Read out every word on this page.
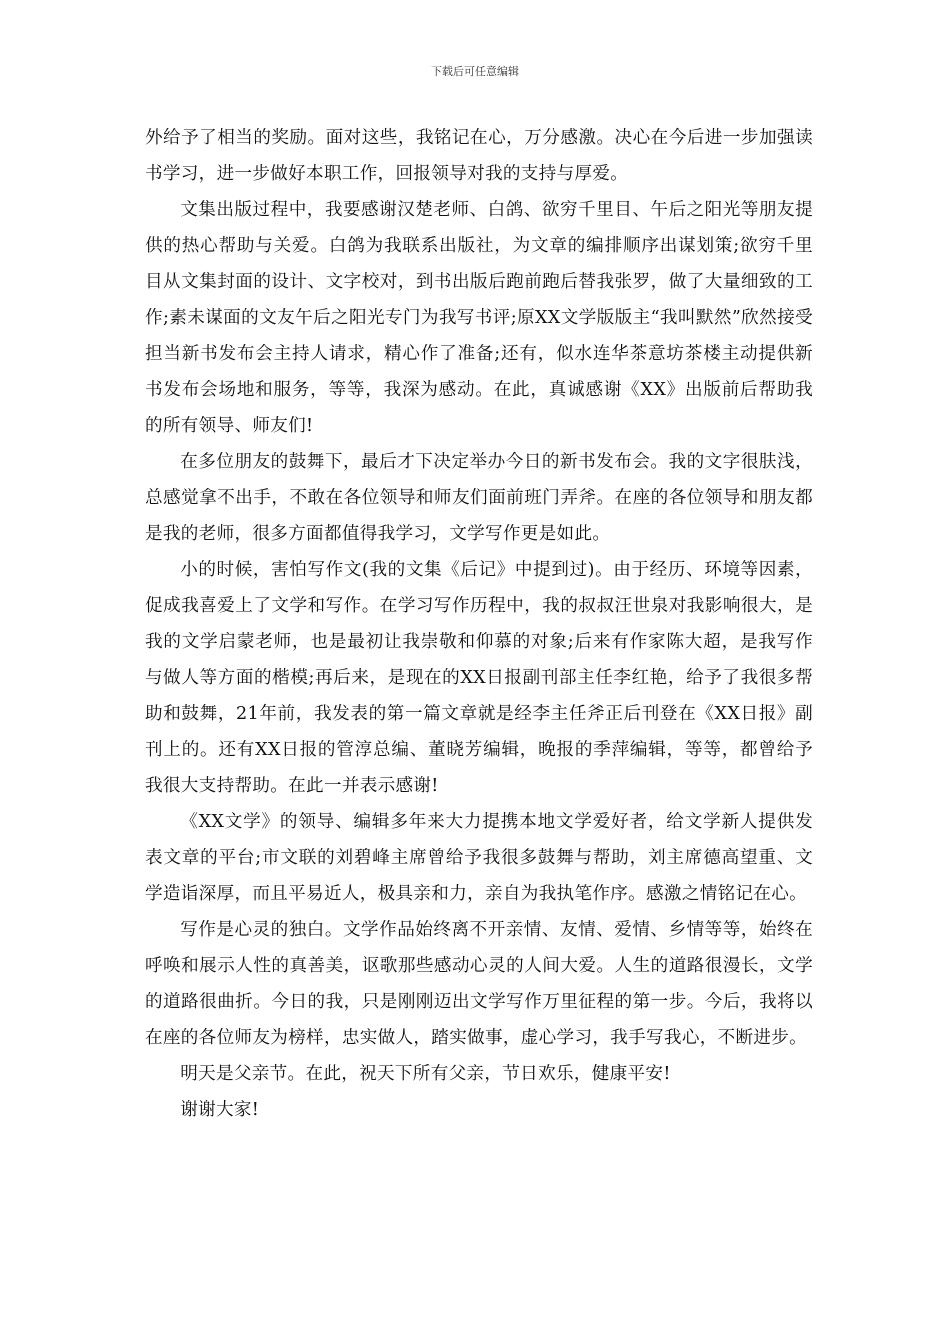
下载后可任意编辑

外给予了相当的奖励。面对这些，我铭记在心，万分感激。决心在今后进一步加强读书学习，进一步做好本职工作，回报领导对我的支持与厚爱。

文集出版过程中，我要感谢汉楚老师、白鸽、欲穷千里目、午后之阳光等朋友提供的热心帮助与关爱。白鸽为我联系出版社，为文章的编排顺序出谋划策;欲穷千里目从文集封面的设计、文字校对，到书出版后跑前跑后替我张罗，做了大量细致的工作;素未谋面的文友午后之阳光专门为我写书评;原XX文学版版主“我叫默然”欣然接受担当新书发布会主持人请求，精心作了准备;还有，似水连华茶意坊茶楼主动提供新书发布会场地和服务，等等，我深为感动。在此，真诚感谢《XX》出版前后帮助我的所有领导、师友们!

在多位朋友的鼓舞下，最后才下决定举办今日的新书发布会。我的文字很肤浅，总感觉拿不出手，不敢在各位领导和师友们面前班门弄斧。在座的各位领导和朋友都是我的老师，很多方面都值得我学习，文学写作更是如此。

小的时候，害怕写作文(我的文集《后记》中提到过)。由于经历、环境等因素，促成我喜爱上了文学和写作。在学习写作历程中，我的叔叔汪世泉对我影响很大，是我的文学启蒙老师，也是最初让我崇敬和仰慕的对象;后来有作家陈大超，是我写作与做人等方面的楷模;再后来，是现在的XX日报副刊部主任李红艳，给予了我很多帮助和鼓舞，21年前，我发表的第一篇文章就是经李主任斧正后刊登在《XX日报》副刊上的。还有XX日报的管淳总编、董晓芳编辑，晚报的季萍编辑，等等，都曾给予我很大支持帮助。在此一并表示感谢!

《XX文学》的领导、编辑多年来大力提携本地文学爱好者，给文学新人提供发表文章的平台;市文联的刘碧峰主席曾给予我很多鼓舞与帮助，刘主席德高望重、文学造诣深厚，而且平易近人，极具亲和力，亲自为我执笔作序。感激之情铭记在心。

写作是心灵的独白。文学作品始终离不开亲情、友情、爱情、乡情等等，始终在呼唤和展示人性的真善美，讴歌那些感动心灵的人间大爱。人生的道路很漫长，文学的道路很曲折。今日的我，只是刚刚迈出文学写作万里征程的第一步。今后，我将以在座的各位师友为榜样，忠实做人，踏实做事，虚心学习，我手写我心，不断进步。

明天是父亲节。在此，祝天下所有父亲，节日欢乐，健康平安!

谢谢大家!
